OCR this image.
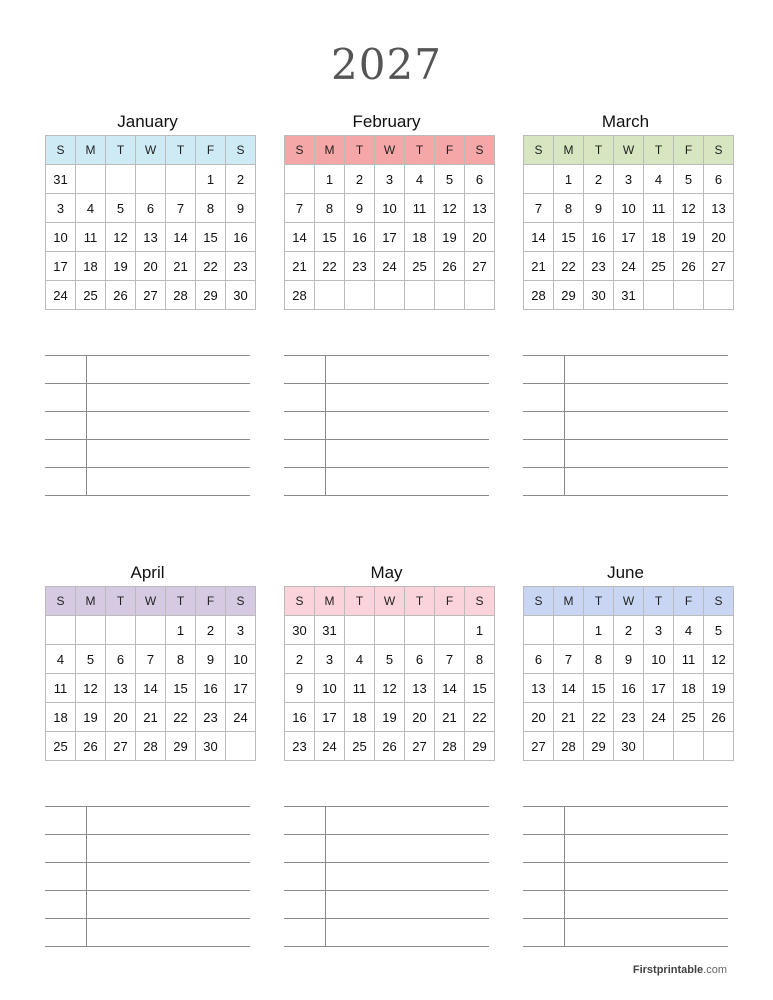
2027
January
S	M	T	W	T	F	S
31					1	2
3	4	5	6	7	8	9
10	11	12	13	14	15	16
17	18	19	20	21	22	23
24	25	26	27	28	29	30
February
S	M	T	W	T	F	S
	1	2	3	4	5	6
7	8	9	10	11	12	13
14	15	16	17	18	19	20
21	22	23	24	25	26	27
28						
March
S	M	T	W	T	F	S
	1	2	3	4	5	6
7	8	9	10	11	12	13
14	15	16	17	18	19	20
21	22	23	24	25	26	27
28	29	30	31			
April
S	M	T	W	T	F	S
				1	2	3
4	5	6	7	8	9	10
11	12	13	14	15	16	17
18	19	20	21	22	23	24
25	26	27	28	29	30	
May
S	M	T	W	T	F	S
30	31					1
2	3	4	5	6	7	8
9	10	11	12	13	14	15
16	17	18	19	20	21	22
23	24	25	26	27	28	29
June
S	M	T	W	T	F	S
		1	2	3	4	5
6	7	8	9	10	11	12
13	14	15	16	17	18	19
20	21	22	23	24	25	26
27	28	29	30			
Firstprintable.com
